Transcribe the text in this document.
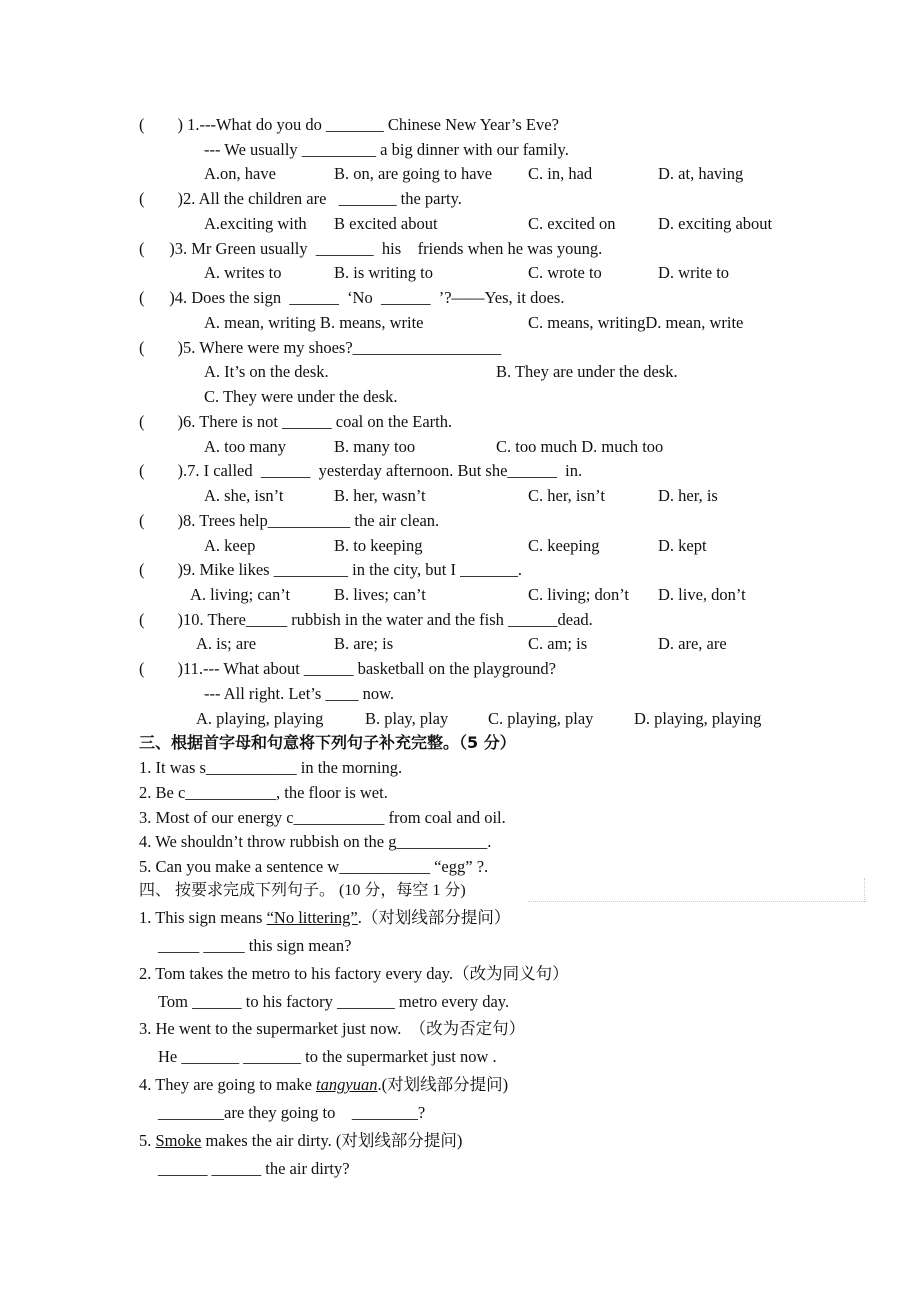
(        ) 1.---What do you do _______ Chinese New Year’s Eve?
--- We usually _________ a big dinner with our family.
A.on, have	B. on, are going to have C. in, had	D. at, having
(        )2. All the children are   _______ the party.
A.exciting with B excited about	C. excited on	D. exciting about
(      )3. Mr Green usually  _______  his    friends when he was young.
A. writes to	B. is writing to	C. wrote to	D. write to
(      )4. Does the sign  ______  ‘No  ______  ’?——Yes, it does.
A. mean, writing B. means, write	C. means, writingD. mean, write
(        )5. Where were my shoes?__________________
A. It’s on the desk.	B. They are under the desk.
C. They were under the desk.
(        )6. There is not ______ coal on the Earth.
A. too many	B. many too	C. too much D. much too
(        ).7. I called  ______  yesterday afternoon. But she______  in.
A. she, isn’t	B. her, wasn’t	C. her, isn’t	D. her, is
(        )8. Trees help__________ the air clean.
A. keep	B. to keeping	C. keeping	D. kept
(        )9. Mike likes _________ in the city, but I _______.
A. living; can’t	B. lives; can’t	C. living; don’t D. live, don’t
(        )10. There_____ rubbish in the water and the fish ______dead.
A. is; are	B. are; is	C. am; is	D. are, are
(        )11.--- What about ______ basketball on the playground?
--- All right. Let’s ____ now.
A. playing, playing	B. play, play C. playing, play D. playing, playing
三、根据首字母和句意将下列句子补充完整。（5 分）
1. It was s___________ in the morning.
2. Be c___________, the floor is wet.
3. Most of our energy c___________ from coal and oil.
4. We shouldn’t throw rubbish on the g___________.
5. Can you make a sentence w___________ “egg” ?.
四、 按要求完成下列句子。 (10 分，每空 1 分)
1. This sign means “No littering”.（对划线部分提问）
_____ _____ this sign mean?
2. Tom takes the metro to his factory every day.（改为同义句）
Tom ______ to his factory _______ metro every day.
3. He went to the supermarket just now.  （改为否定句）
He _______ _______ to the supermarket just now .
4. They are going to make tangyuan.(对划线部分提问)
________are they going to    ________?
5. Smoke makes the air dirty. (对划线部分提问)
______ ______ the air dirty?
